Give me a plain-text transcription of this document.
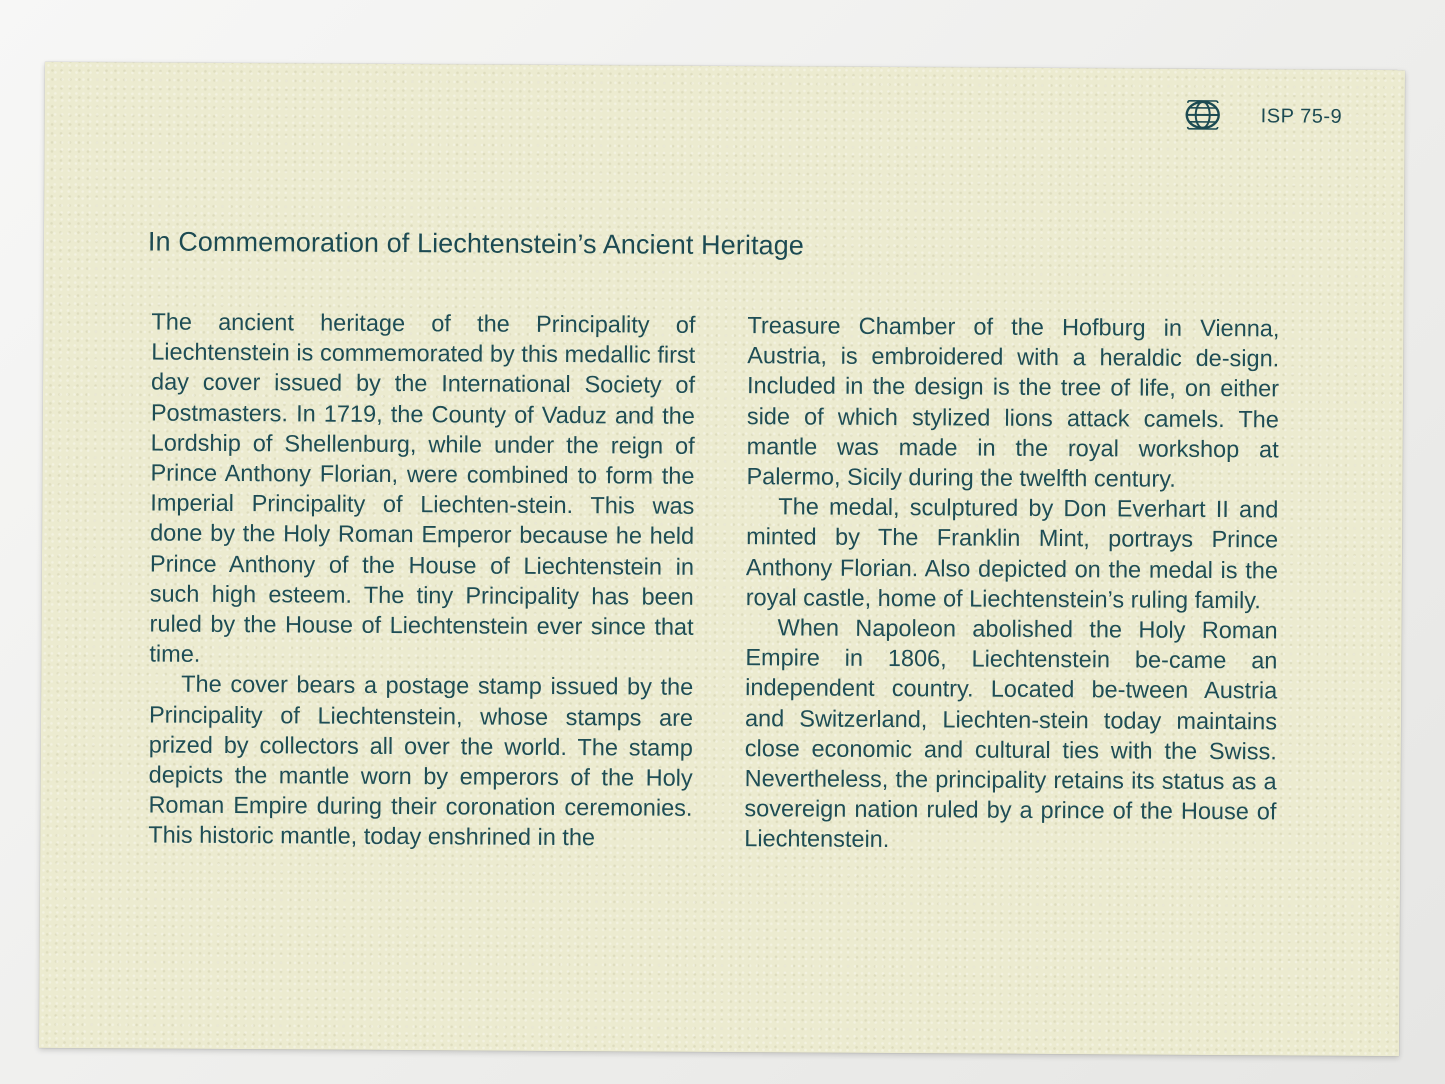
ISP 75-9
In Commemoration of Liechtenstein’s Ancient Heritage

The ancient heritage of the Principality of Liechtenstein is commemorated by this medallic first day cover issued by the International Society of Postmasters. In 1719, the County of Vaduz and the Lordship of Shellenburg, while under the reign of Prince Anthony Florian, were combined to form the Imperial Principality of Liechten-stein. This was done by the Holy Roman Emperor because he held Prince Anthony of the House of Liechtenstein in such high esteem. The tiny Principality has been ruled by the House of Liechtenstein ever since that time.

The cover bears a postage stamp issued by the Principality of Liechtenstein, whose stamps are prized by collectors all over the world. The stamp depicts the mantle worn by emperors of the Holy Roman Empire during their coronation ceremonies. This historic mantle, today enshrined in the

Treasure Chamber of the Hofburg in Vienna, Austria, is embroidered with a heraldic de-sign. Included in the design is the tree of life, on either side of which stylized lions attack camels. The mantle was made in the royal workshop at Palermo, Sicily during the twelfth century.

The medal, sculptured by Don Everhart II and minted by The Franklin Mint, portrays Prince Anthony Florian. Also depicted on the medal is the royal castle, home of Liechtenstein’s ruling family.

When Napoleon abolished the Holy Roman Empire in 1806, Liechtenstein be-came an independent country. Located be-tween Austria and Switzerland, Liechten-stein today maintains close economic and cultural ties with the Swiss. Nevertheless, the principality retains its status as a sovereign nation ruled by a prince of the House of Liechtenstein.
